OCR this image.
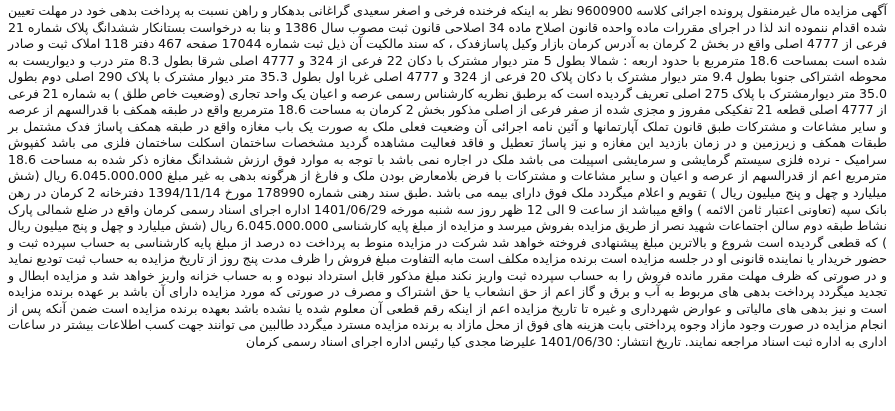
آگهی مزایده مال غیرمنقول پرونده اجرائی کلاسه 9600900 نظر به اینکه فرخنده فرخی و اصغر سعیدی گراغانی بدهکار و راهن نسبت به پرداخت بدهی خود در مهلت تعیین شده اقدام ننموده اند لذا در اجرای مقررات ماده واحده قانون اصلاح ماده 34 اصلاحی قانون ثبت مصوب سال 1386 و بنا به درخواست بستانکار ششدانگ پلاک شماره 21 فرعی از 4777 اصلی واقع در بخش 2 کرمان به آدرس کرمان بازار وکیل پاسازفدک ، که سند مالکیت آن ذیل ثبت شماره 17044 صفحه 467 دفتر 118 املاک ثبت و صادر شده است بمساحت 18.6 مترمربع با حدود اربعه : شمالا بطول 5 متر دیوار مشترک با دکان 22 فرعی از 324 و 4777 اصلی شرقا بطول 8.3 متر درب و دیواریست به محوطه اشتراکی جنوبا بطول 9.4 متر دیوار مشترک با دکان پلاک 20 فرعی از 324 و 4777 اصلی غربا اول بطول 35.3 متر دیوار مشترک با پلاک 290 اصلی دوم بطول 35.0 متر دیوارمشترک با پلاک 275 اصلی تعریف گردیده است که برطبق نظریه کارشناس رسمی عرصه و اعیان یک واحد تجاری (وضعیت خاص طلق ) به شماره 21 فرعی از 4777 اصلی قطعه 21 تفکیکی مفروز و مجزی شده از صفر فرعی از اصلی مذکور بخش 2 کرمان به مساحت 18.6 مترمربع واقع در طبقه همکف با قدرالسهم از عرصه و سایر مشاعات و مشترکات طبق قانون تملک آپارتمانها و آئین نامه اجرائی آن وضعیت فعلی ملک به صورت یک باب مغازه واقع در طبقه همکف پاساژ فدک مشتمل بر طبقات همکف و زیرزمین و در زمان بازدید این مغازه و نیز پاساژ تعطیل و فاقد فعالیت مشاهده گردید مشخصات ساختمان اسکلت ساختمان فلزی می باشد کفپوش سرامیک - نرده فلزی سیستم گرمایشی و سرمایشی اسپیلت می باشد ملک در اجاره نمی باشد با توجه به موارد فوق ارزش ششدانگ مغازه ذکر شده به مساحت 18.6 مترمربع اعم از قدرالسهم از عرصه و اعیان و سایر مشاعات و مشترکات با فرض بلامعارض بودن ملک و فارغ از هرگونه بدهی به غیر مبلغ 6.045.000.000 ریال (شش میلیارد و چهل و پنج میلیون ریال ) تقویم و اعلام میگردد ملک فوق دارای بیمه می باشد .طبق سند رهنی شماره 178990 مورخ 1394/11/14 دفترخانه 2 کرمان در رهن بانک سپه (تعاونی اعتبار ثامن الائمه ) واقع میباشد از ساعت 9 الی 12 ظهر روز سه شنبه مورخه 1401/06/29 اداره اجرای اسناد رسمی کرمان واقع در ضلع شمالی پارک نشاط طبقه دوم سالن اجتماعات شهید نصر از طریق مزایده بفروش میرسد و مزایده از مبلغ پایه کارشناسی 6.045.000.000 ریال (شش میلیارد و چهل و پنج میلیون ریال ) که قطعی گردیده است شروع و بالاترین مبلغ پیشنهادی فروخته خواهد شد شرکت در مزایده منوط به پرداخت ده درصد از مبلغ پایه کارشناسی به حساب سپرده ثبت و حضور خریدار یا نماینده قانونی او در جلسه مزایده است برنده مزایده مکلف است مابه التفاوت مبلغ فروش را ظرف مدت پنج روز از تاریخ مزایده به حساب ثبت تودیع نماید و در صورتی که ظرف مهلت مقرر مانده فروش را به حساب سپرده ثبت واریز نکند مبلغ مذکور قابل استرداد نبوده و به حساب خزانه واریز خواهد شد و مزایده ابطال و تجدید میگردد پرداخت بدهی های مربوط به آب و برق و گاز اعم از حق انشعاب یا حق اشتراک و مصرف در صورتی که مورد مزایده دارای آن باشد بر عهده برنده مزایده است و نیز بدهی های مالیاتی و عوارض شهرداری و غیره تا تاریخ مزایده اعم از اینکه رقم قطعی آن معلوم شده یا نشده باشد بعهده برنده مزایده است ضمن آنکه پس از انجام مزایده در صورت وجود مازاد وجوه پرداختی بابت هزینه های فوق از محل مازاد به برنده مزایده مسترد میگردد طالبین می توانند جهت کسب اطلاعات بیشتر در ساعات اداری به اداره ثبت اسناد مراجعه نمایند. تاریخ انتشار: 1401/06/30 علیرضا مجدی کیا رئیس اداره اجرای اسناد رسمی کرمان
